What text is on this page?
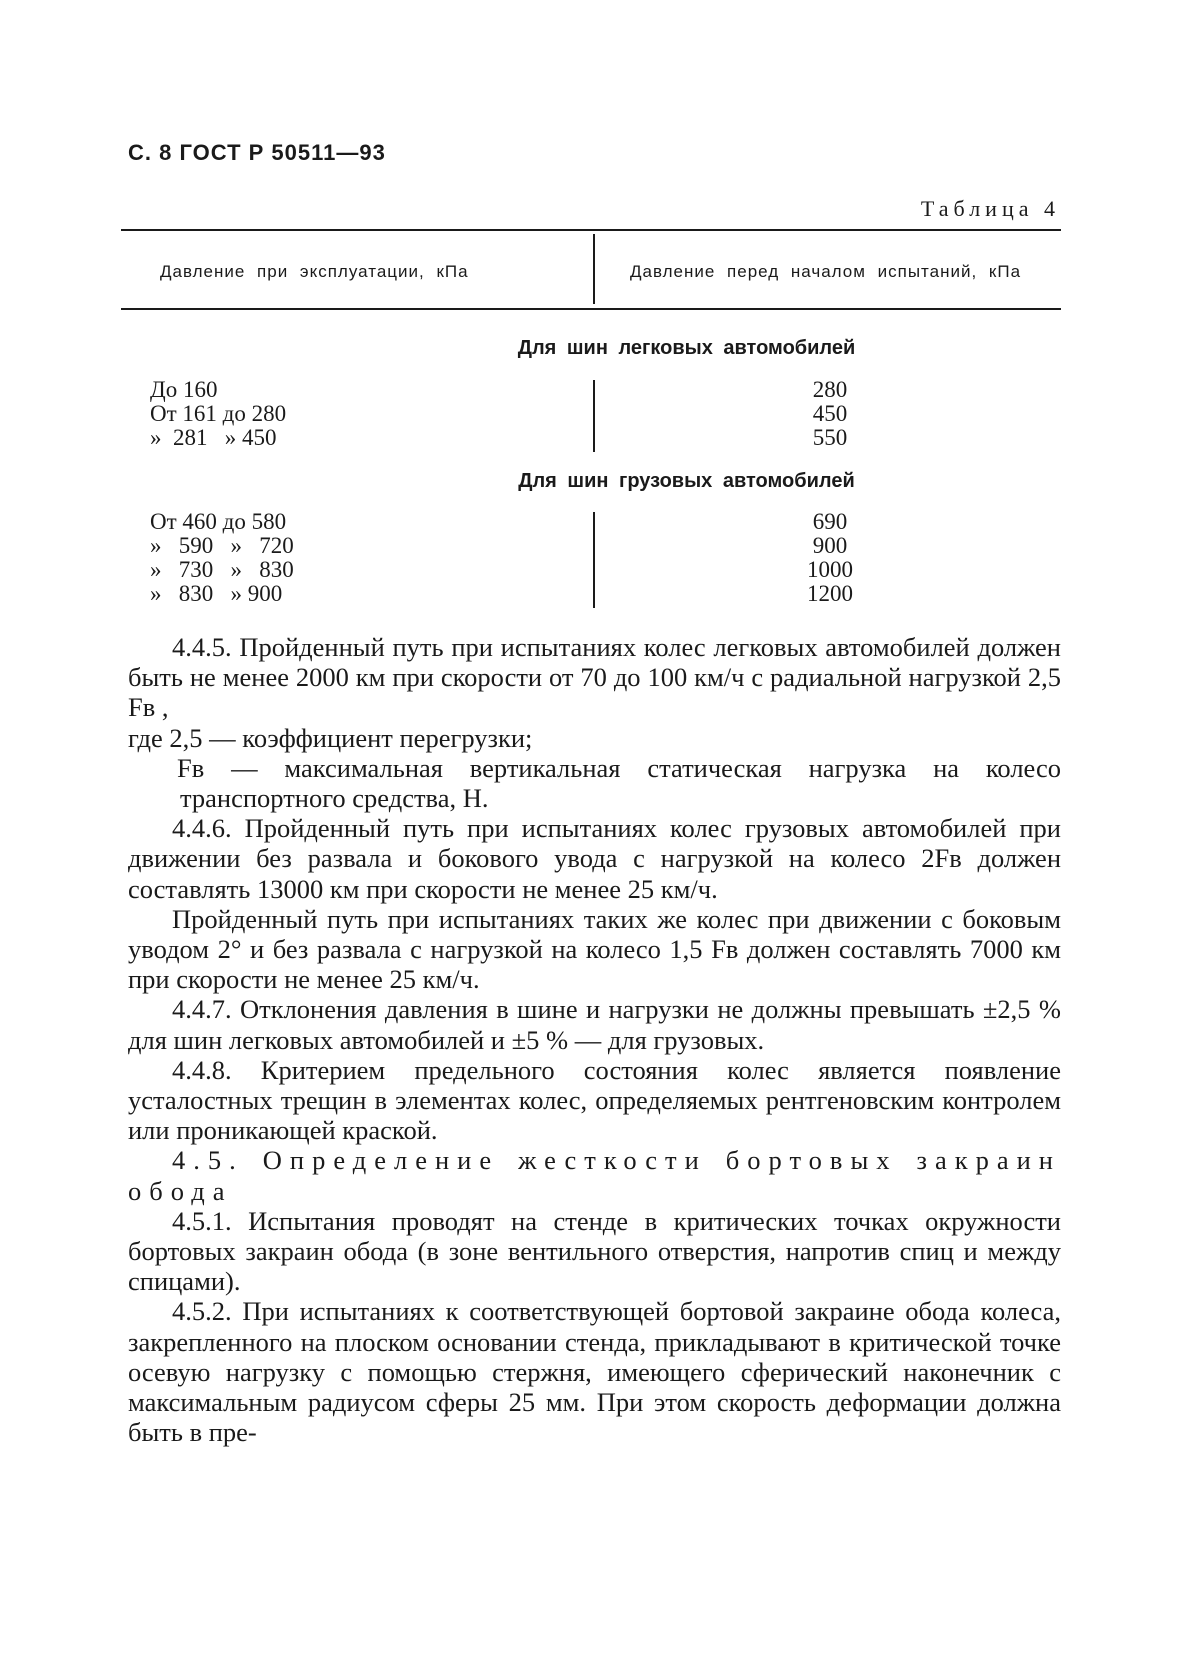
С. 8 ГОСТ Р 50511—93
Таблица 4
Давление при эксплуатации, кПа	Давление перед началом испытаний, кПа
Для шин легковых автомобилей
До 160	280
От 161 до 280	450
»  281   » 450	550
Для шин грузовых автомобилей
От 460 до 580	690
»   590   »   720	900
»   730   »   830	1000
»   830   » 900	1200

4.4.5. Пройденный путь при испытаниях колес легковых автомобилей должен быть не менее 2000 км при скорости от 70 до 100 км/ч с радиальной нагрузкой 2,5 Fв ,

где 2,5 — коэффициент перегрузки;

Fв — максимальная вертикальная статическая нагрузка на колесо транспортного средства, Н.

4.4.6. Пройденный путь при испытаниях колес грузовых автомобилей при движении без развала и бокового увода с нагрузкой на колесо 2Fв должен составлять 13000 км при скорости не менее 25 км/ч.

Пройденный путь при испытаниях таких же колес при движении с боковым уводом 2° и без развала с нагрузкой на колесо 1,5 Fв должен составлять 7000 км при скорости не менее 25 км/ч.

4.4.7. Отклонения давления в шине и нагрузки не должны превышать ±2,5 % для шин легковых автомобилей и ±5 % — для грузовых.

4.4.8. Критерием предельного состояния колес является появление усталостных трещин в элементах колес, определяемых рентгеновским контролем или проникающей краской.

4.5. Определение жесткости бортовых закраин обода

4.5.1. Испытания проводят на стенде в критических точках окружности бортовых закраин обода (в зоне вентильного отверстия, напротив спиц и между спицами).

4.5.2. При испытаниях к соответствующей бортовой закраине обода колеса, закрепленного на плоском основании стенда, прикладывают в критической точке осевую нагрузку с помощью стержня, имеющего сферический наконечник с максимальным радиусом сферы 25 мм. При этом скорость деформации должна быть в пре-
